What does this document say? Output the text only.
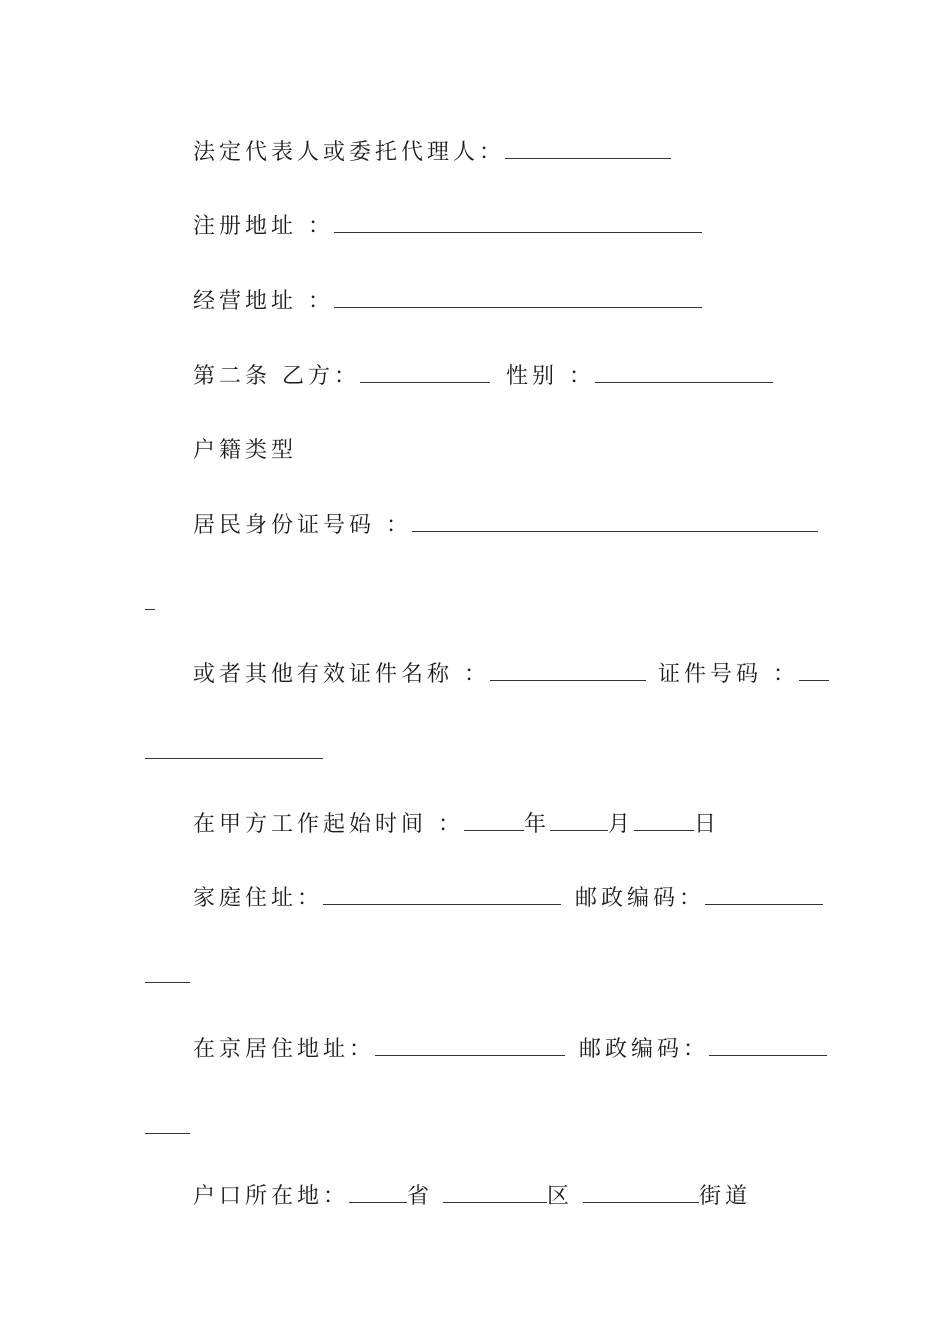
法定代表人或委托代理人：
注册地址 ：
经营地址 ：
第二条 乙方：	性别 ：
户籍类型
居民身份证号码 ：
或者其他有效证件名称 ：	证件号码 ：
在甲方工作起始时间 ：	年	月	日
家庭住址：	邮政编码：
在京居住地址：	邮政编码：
户口所在地：	省	区	街道
